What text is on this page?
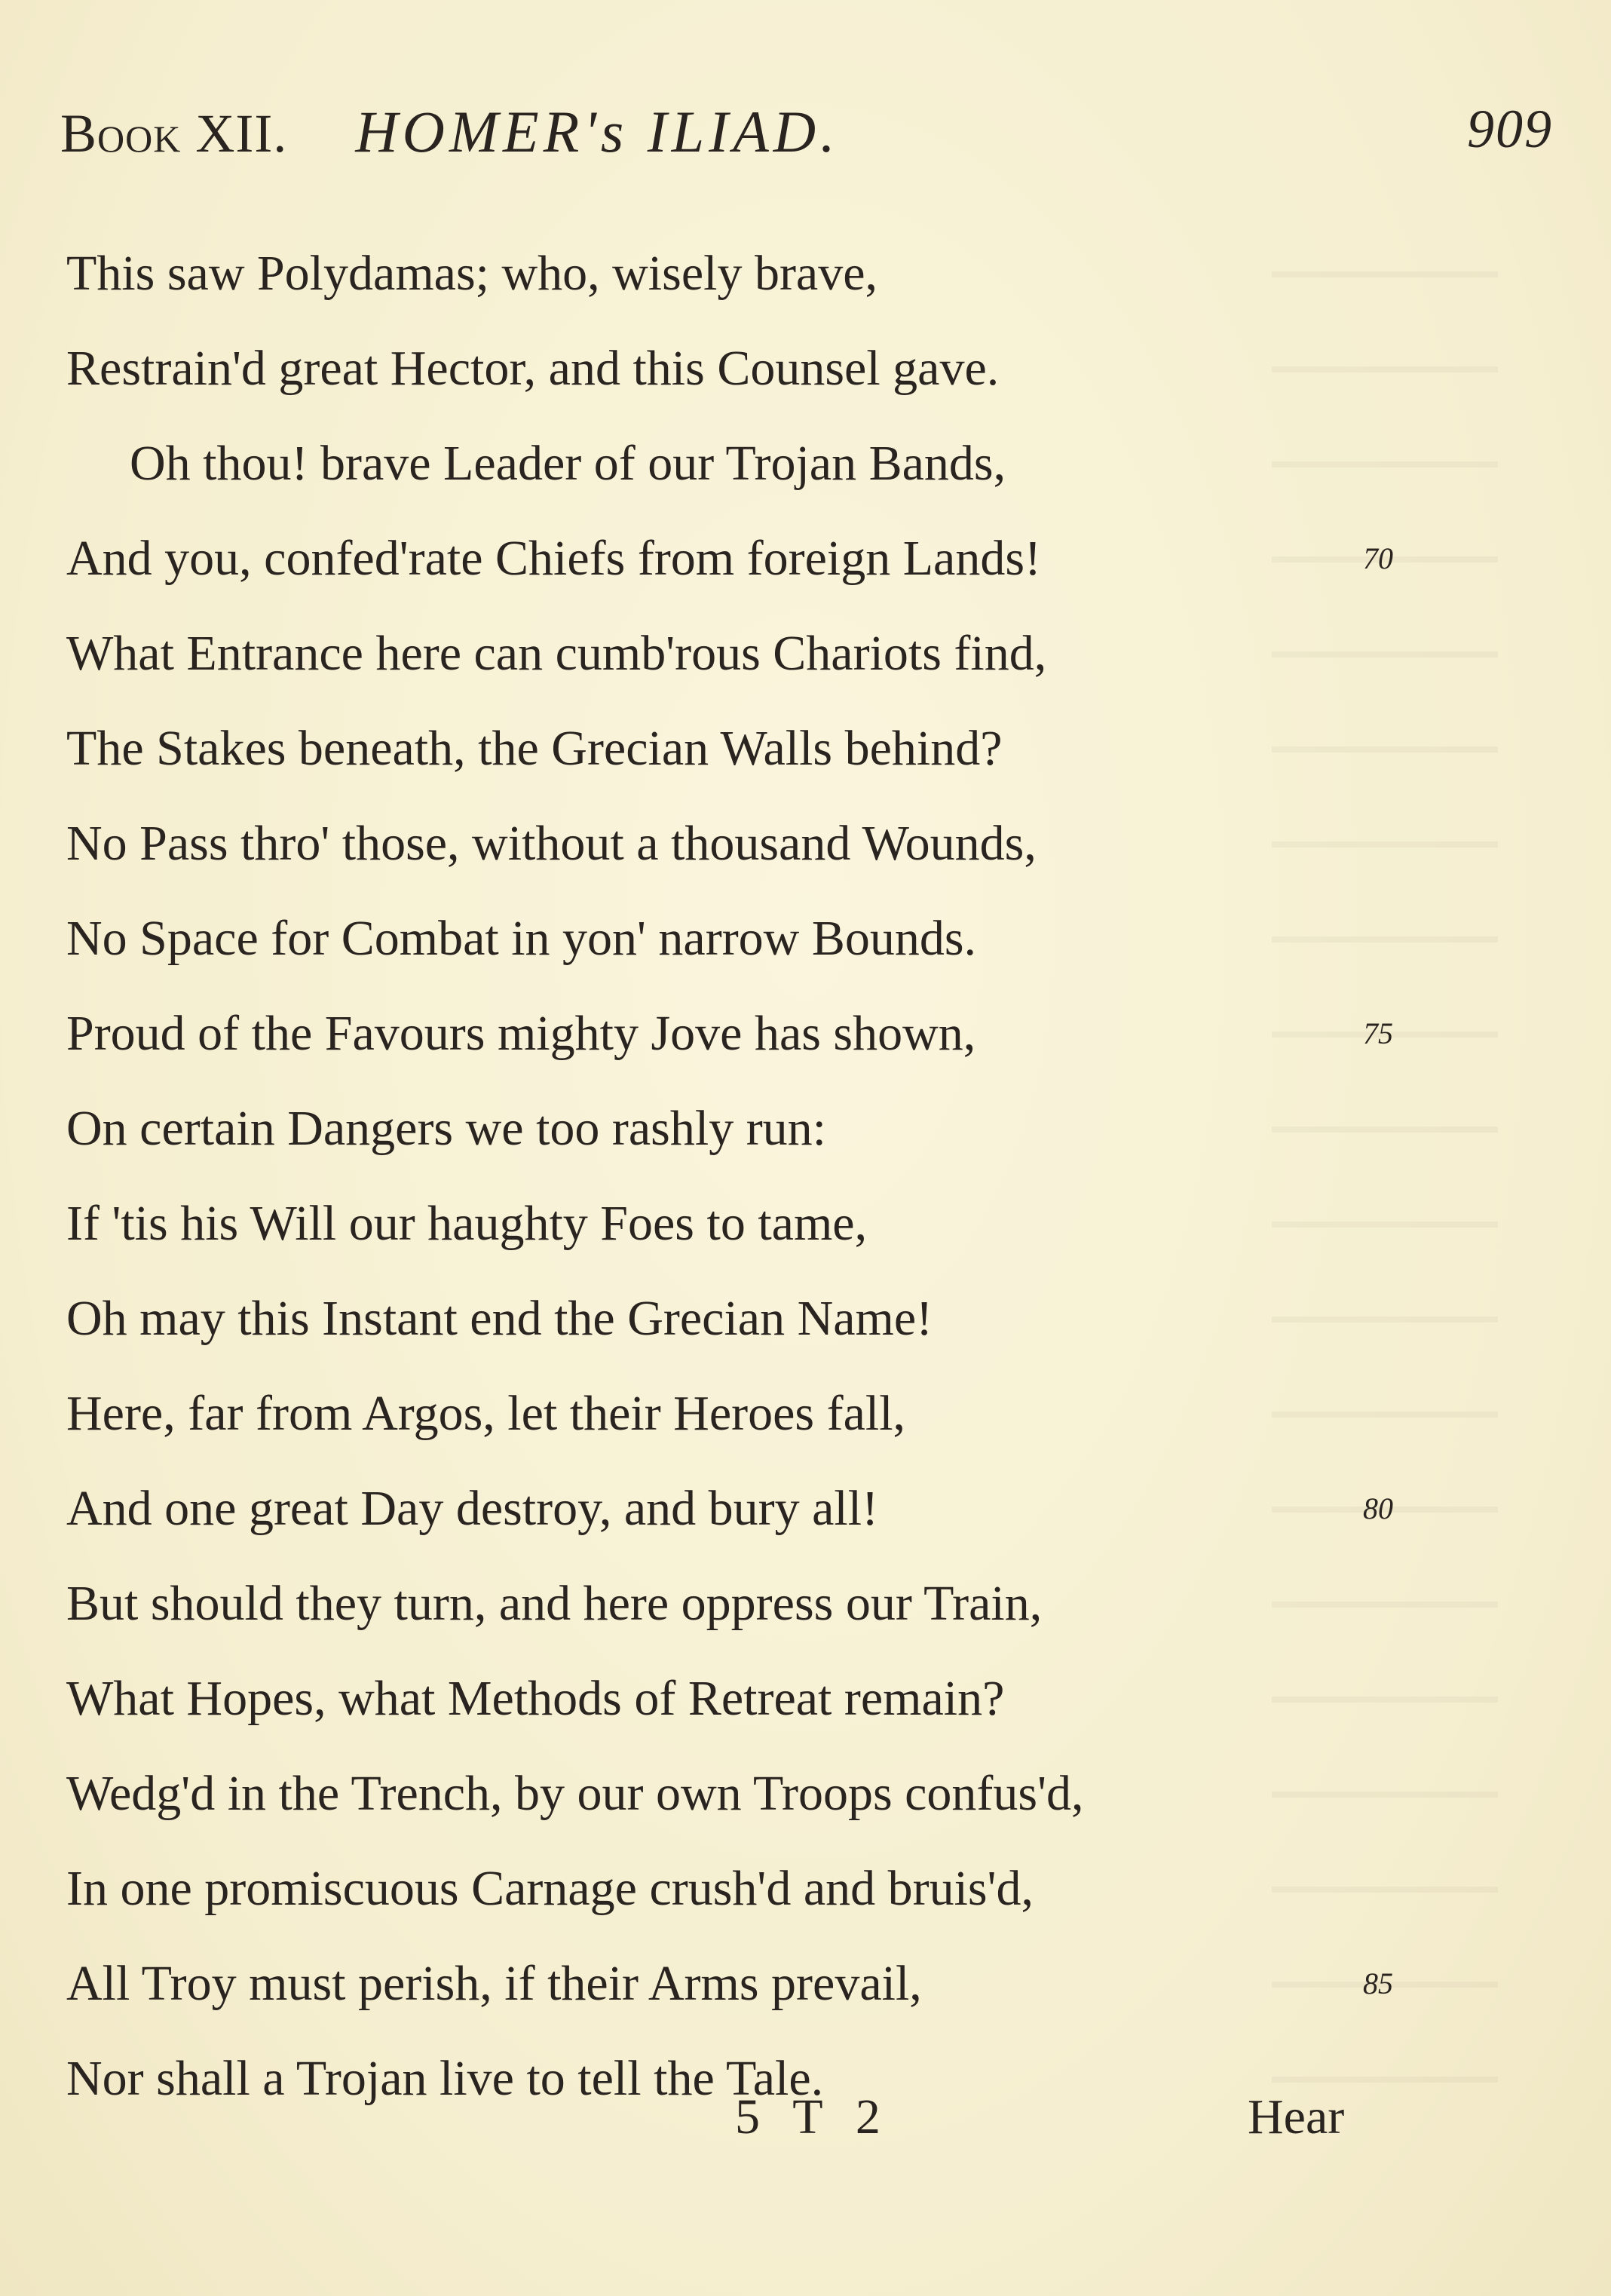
Book XII. HOMER's ILIAD.	909
This saw Polydamas; who, wisely brave,
Restrain'd great Hector, and this Counsel gave.
Oh thou! brave Leader of our Trojan Bands,
And you, confed'rate Chiefs from foreign Lands!	70
What Entrance here can cumb'rous Chariots find,
The Stakes beneath, the Grecian Walls behind?
No Pass thro' those, without a thousand Wounds,
No Space for Combat in yon' narrow Bounds.
Proud of the Favours mighty Jove has shown,	75
On certain Dangers we too rashly run:
If 'tis his Will our haughty Foes to tame,
Oh may this Instant end the Grecian Name!
Here, far from Argos, let their Heroes fall,
And one great Day destroy, and bury all!	80
But should they turn, and here oppress our Train,
What Hopes, what Methods of Retreat remain?
Wedg'd in the Trench, by our own Troops confus'd,
In one promiscuous Carnage crush'd and bruis'd,
All Troy must perish, if their Arms prevail,	85
Nor shall a Trojan live to tell the Tale.
5 T 2	Hear
